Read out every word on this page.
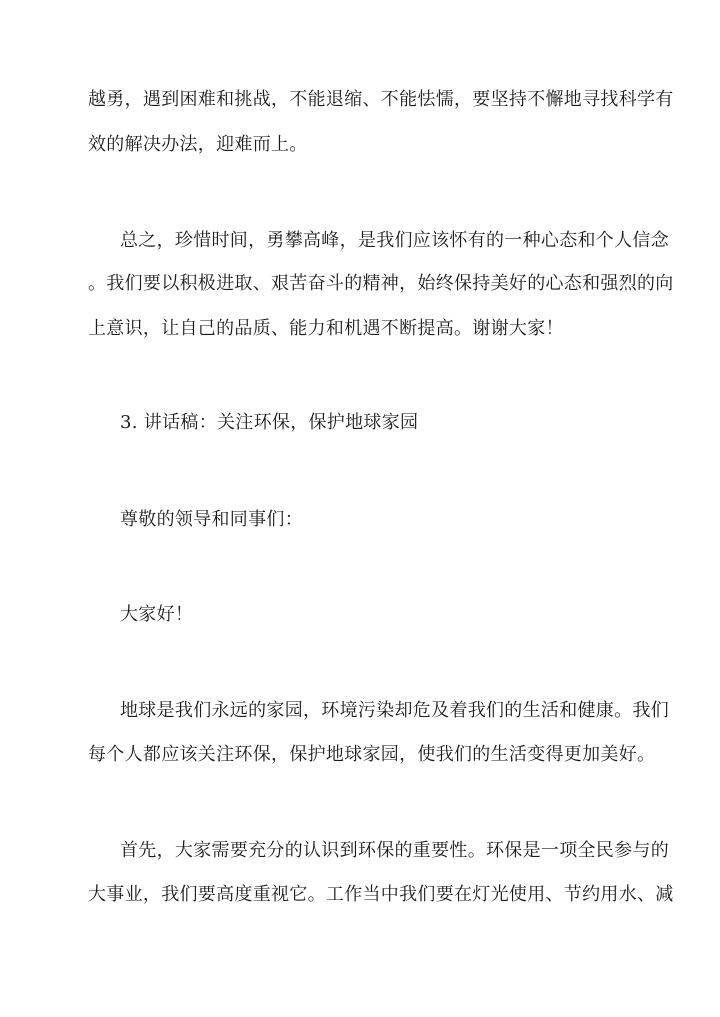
越勇，遇到困难和挑战，不能退缩、不能怯懦，要坚持不懈地寻找科学有
效的解决办法，迎难而上。
总之，珍惜时间，勇攀高峰，是我们应该怀有的一种心态和个人信念
。我们要以积极进取、艰苦奋斗的精神，始终保持美好的心态和强烈的向
上意识，让自己的品质、能力和机遇不断提高。谢谢大家！
3. 讲话稿：关注环保，保护地球家园
尊敬的领导和同事们：
大家好！
地球是我们永远的家园，环境污染却危及着我们的生活和健康。我们
每个人都应该关注环保，保护地球家园，使我们的生活变得更加美好。
首先，大家需要充分的认识到环保的重要性。环保是一项全民参与的
大事业，我们要高度重视它。工作当中我们要在灯光使用、节约用水、减
